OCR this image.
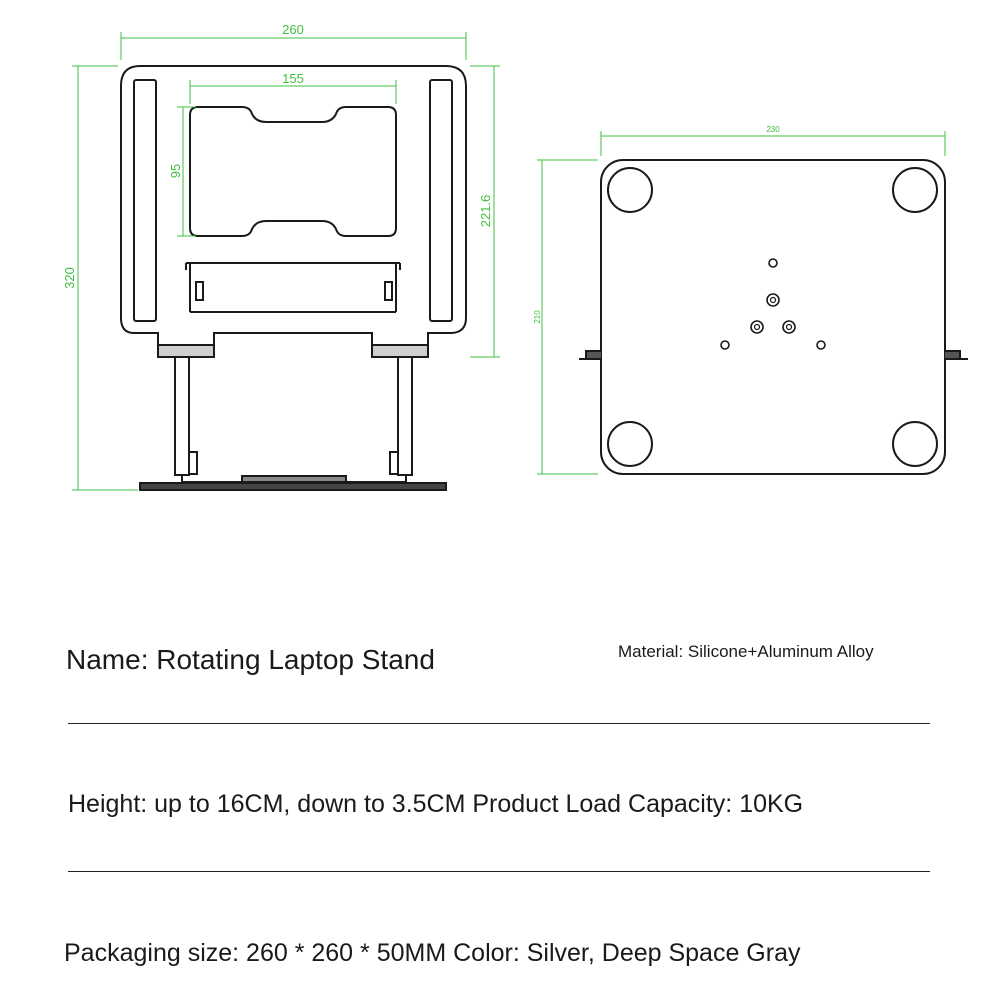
260
155
95
221.6
320
230
210
Name: Rotating Laptop Stand	Material: Silicone+Aluminum Alloy
Height: up to 16CM, down to 3.5CM Product Load Capacity: 10KG
Packaging size: 260 * 260 * 50MM Color: Silver, Deep Space Gray
